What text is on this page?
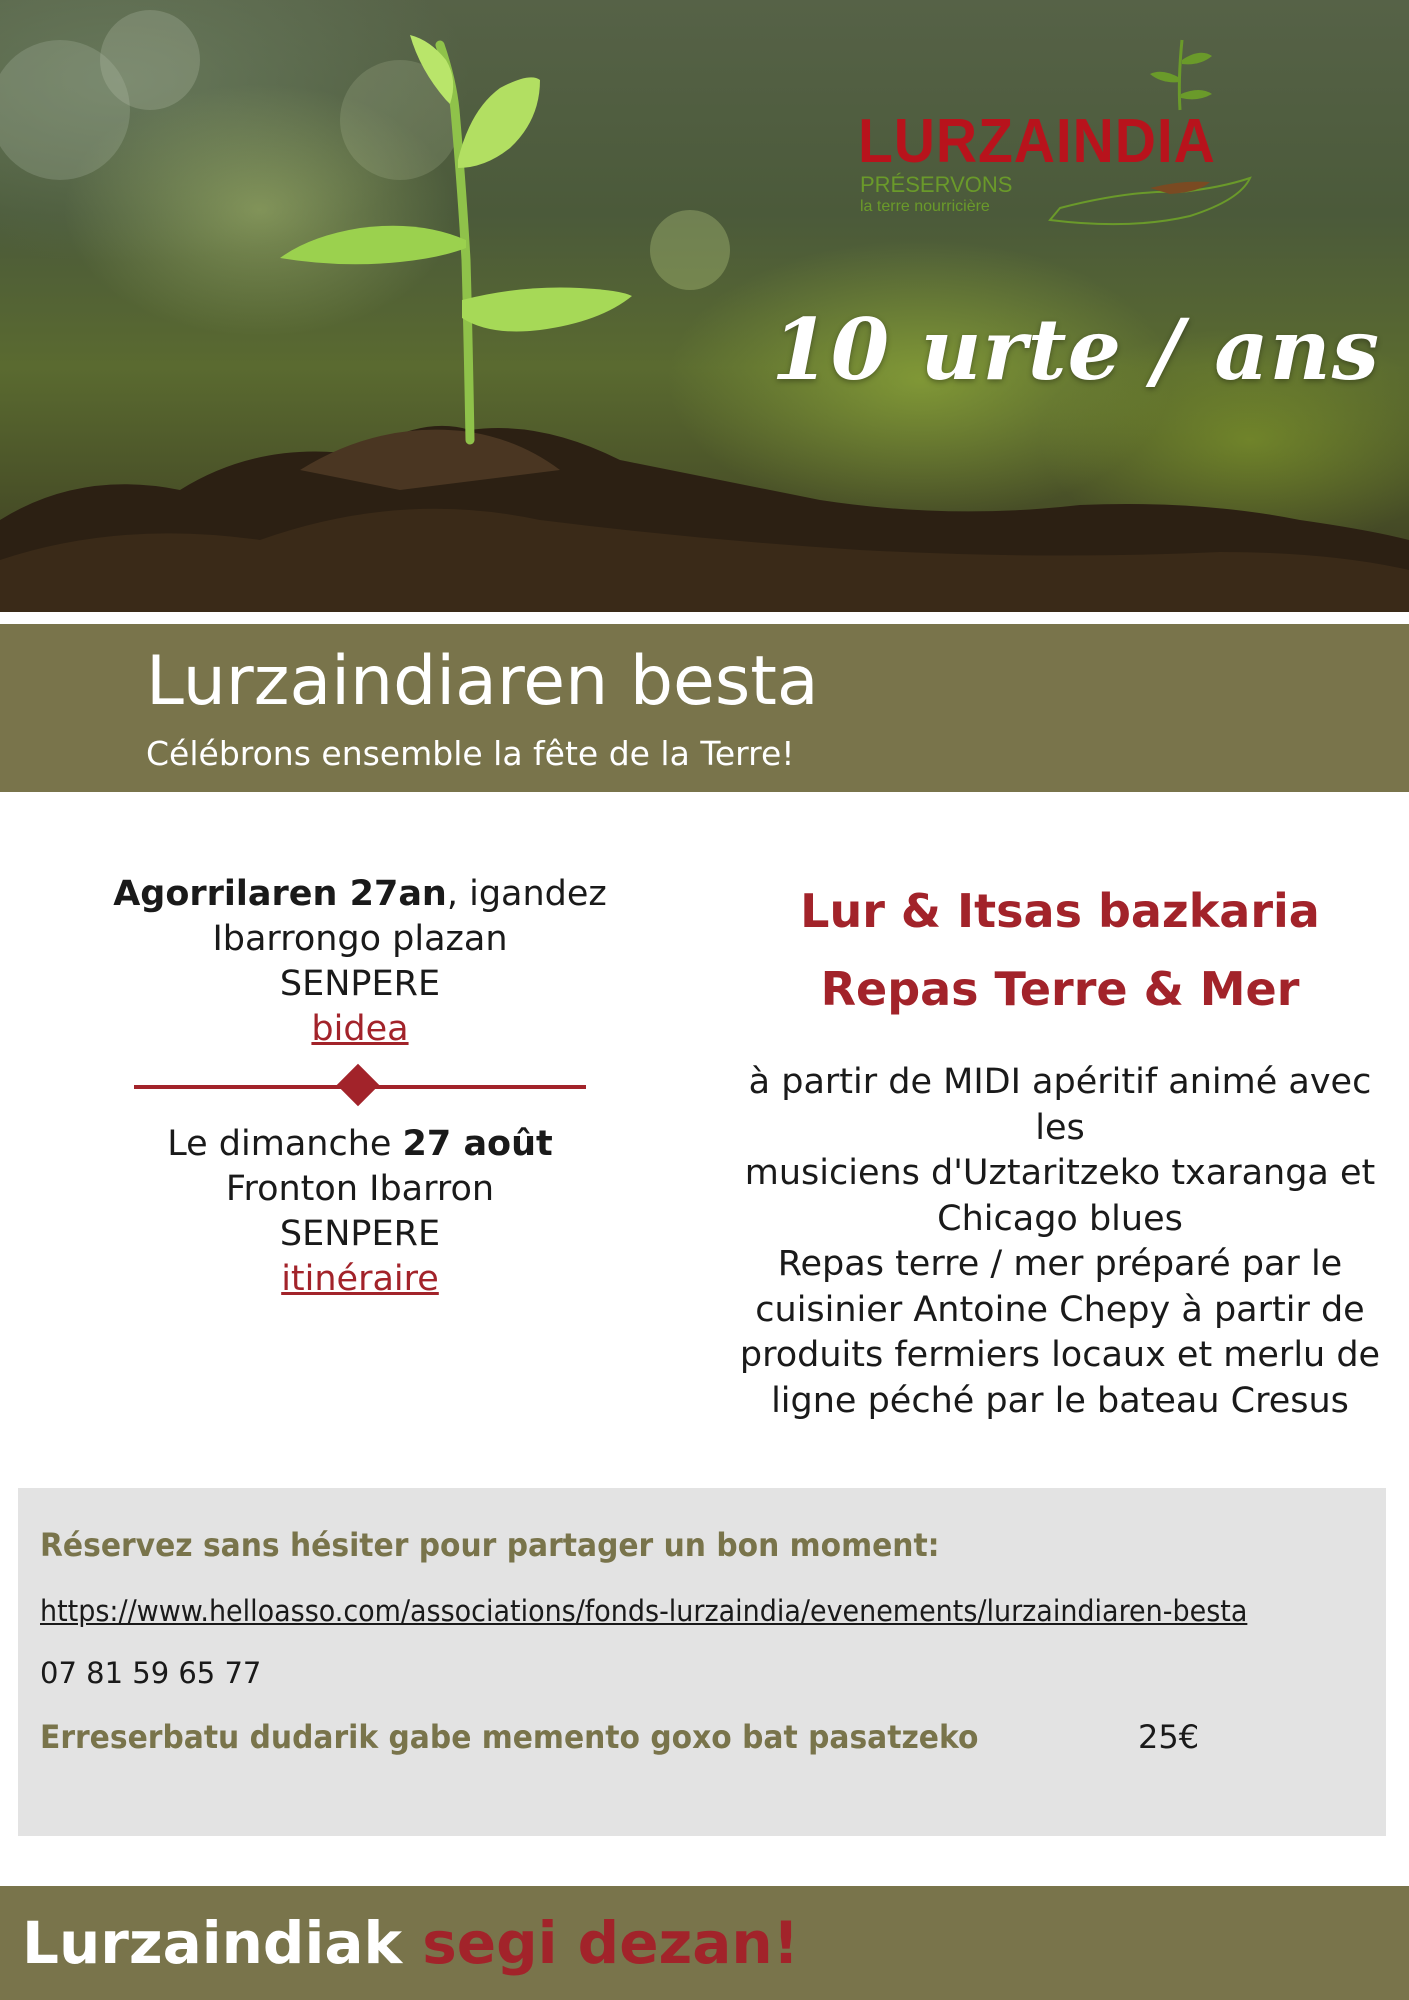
LURZAINDIA
PRÉSERVONS
la terre nourricière
10 urte / ans
Lurzaindiaren besta
Célébrons ensemble la fête de la Terre!
Agorrilaren 27an, igandez
Ibarrongo plazan
SENPERE
bidea
Le dimanche 27 août
Fronton Ibarron
SENPERE
itinéraire
Lur & Itsas bazkaria
Repas Terre & Mer
à partir de MIDI apéritif animé avec les
musiciens d'Uztaritzeko txaranga et
Chicago blues
Repas terre / mer préparé par le
cuisinier Antoine Chepy à partir de
produits fermiers locaux et merlu de
ligne péché par le bateau Cresus
Réservez sans hésiter pour partager un bon moment:
https://www.helloasso.com/associations/fonds-lurzaindia/evenements/lurzaindiaren-besta
07 81 59 65 77
Erreserbatu dudarik gabe memento goxo bat pasatzeko	25€
Lurzaindiak segi dezan!
